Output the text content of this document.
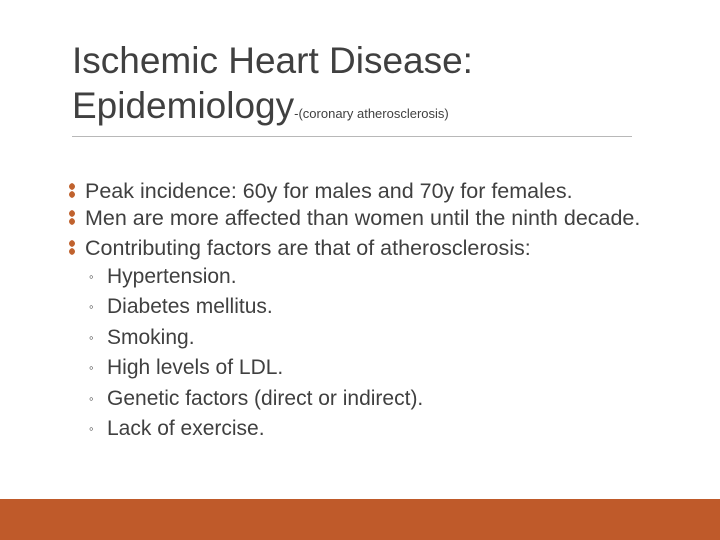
Ischemic Heart Disease:
Epidemiology-(coronary atherosclerosis)
Peak incidence: 60y for males and 70y for females.
Men are more affected than women until the ninth decade.
Contributing factors are that of atherosclerosis:
◦ Hypertension.
◦ Diabetes mellitus.
◦ Smoking.
◦ High levels of LDL.
◦ Genetic factors (direct or indirect).
◦ Lack of exercise.
